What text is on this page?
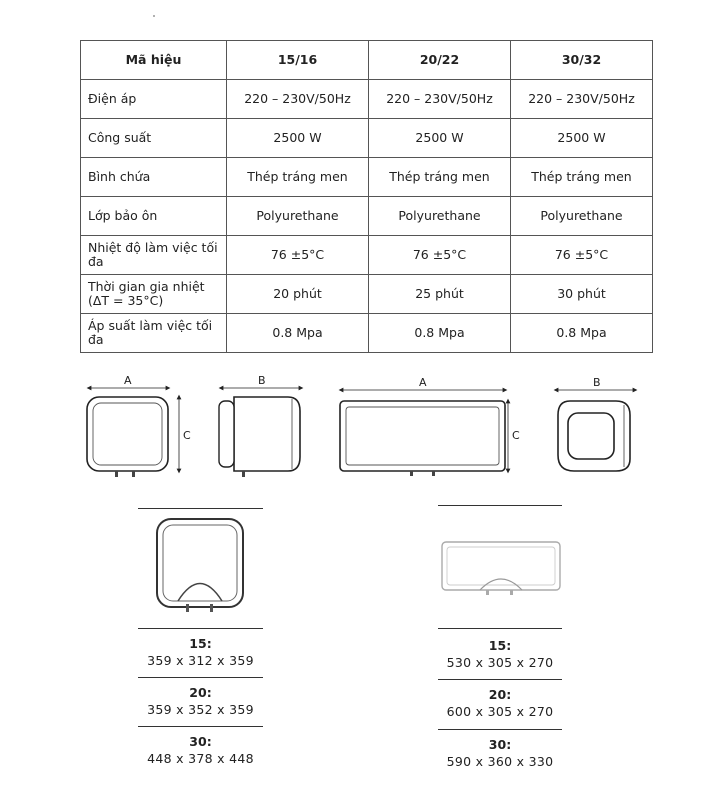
Mã hiệu	15/16	20/22	30/32
Điện áp	220 – 230V/50Hz	220 – 230V/50Hz	220 – 230V/50Hz
Công suất	2500 W	2500 W	2500 W
Bình chứa	Thép tráng men	Thép tráng men	Thép tráng men
Lớp bảo ôn	Polyurethane	Polyurethane	Polyurethane
Nhiệt độ làm việc tối đa	76 ±5°C	76 ±5°C	76 ±5°C
Thời gian gia nhiệt (ΔT = 35°C)	20 phút	25 phút	30 phút
Áp suất làm việc tối đa	0.8 Mpa	0.8 Mpa	0.8 Mpa
A
C
B	A
C
B
15:
359 x 312 x 359
20:
359 x 352 x 359
30:
448 x 378 x 448
15:
530 x 305 x 270
20:
600 x 305 x 270
30:
590 x 360 x 330
